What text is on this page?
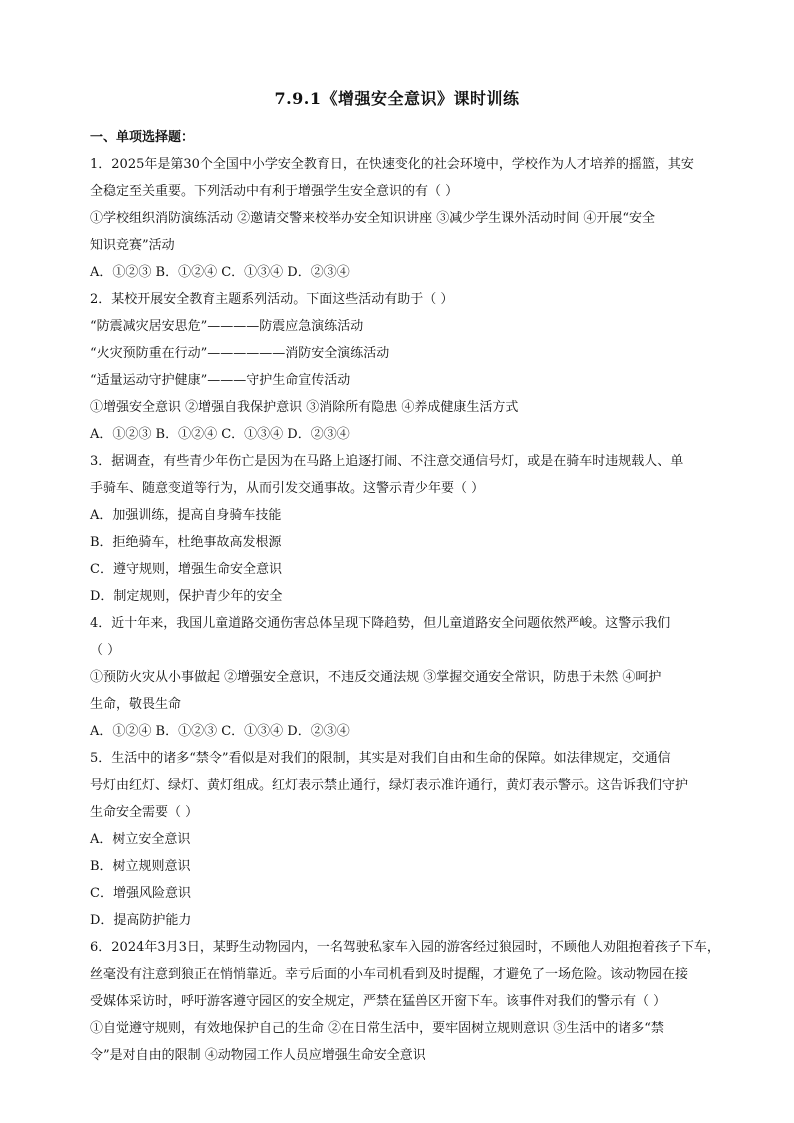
7.9.1《增强安全意识》课时训练
一、单项选择题：
1．2025年是第30个全国中小学安全教育日，在快速变化的社会环境中，学校作为人才培养的摇篮，其安
全稳定至关重要。下列活动中有利于增强学生安全意识的有（ ）
①学校组织消防演练活动 ②邀请交警来校举办安全知识讲座 ③减少学生课外活动时间 ④开展“安全
知识竞赛”活动
A．①②③ B．①②④ C．①③④ D．②③④
2．某校开展安全教育主题系列活动。下面这些活动有助于（ ）
“防震减灾居安思危”————防震应急演练活动
“火灾预防重在行动”——————消防安全演练活动
“适量运动守护健康”———守护生命宣传活动
①增强安全意识 ②增强自我保护意识 ③消除所有隐患 ④养成健康生活方式
A．①②③ B．①②④ C．①③④ D．②③④
3．据调查，有些青少年伤亡是因为在马路上追逐打闹、不注意交通信号灯，或是在骑车时违规载人、单
手骑车、随意变道等行为，从而引发交通事故。这警示青少年要（ ）
A．加强训练，提高自身骑车技能
B．拒绝骑车，杜绝事故高发根源
C．遵守规则，增强生命安全意识
D．制定规则，保护青少年的安全
4．近十年来，我国儿童道路交通伤害总体呈现下降趋势，但儿童道路安全问题依然严峻。这警示我们
（ ）
①预防火灾从小事做起 ②增强安全意识，不违反交通法规 ③掌握交通安全常识，防患于未然 ④呵护
生命，敬畏生命
A．①②④ B．①②③ C．①③④ D．②③④
5．生活中的诸多“禁令”看似是对我们的限制，其实是对我们自由和生命的保障。如法律规定，交通信
号灯由红灯、绿灯、黄灯组成。红灯表示禁止通行，绿灯表示准许通行，黄灯表示警示。这告诉我们守护
生命安全需要（ ）
A．树立安全意识
B．树立规则意识
C．增强风险意识
D．提高防护能力
6．2024年3月3日，某野生动物园内，一名驾驶私家车入园的游客经过狼园时，不顾他人劝阻抱着孩子下车，
丝毫没有注意到狼正在悄悄靠近。幸亏后面的小车司机看到及时提醒，才避免了一场危险。该动物园在接
受媒体采访时，呼吁游客遵守园区的安全规定，严禁在猛兽区开窗下车。该事件对我们的警示有（ ）
①自觉遵守规则，有效地保护自己的生命 ②在日常生活中，要牢固树立规则意识 ③生活中的诸多“禁
令”是对自由的限制 ④动物园工作人员应增强生命安全意识
